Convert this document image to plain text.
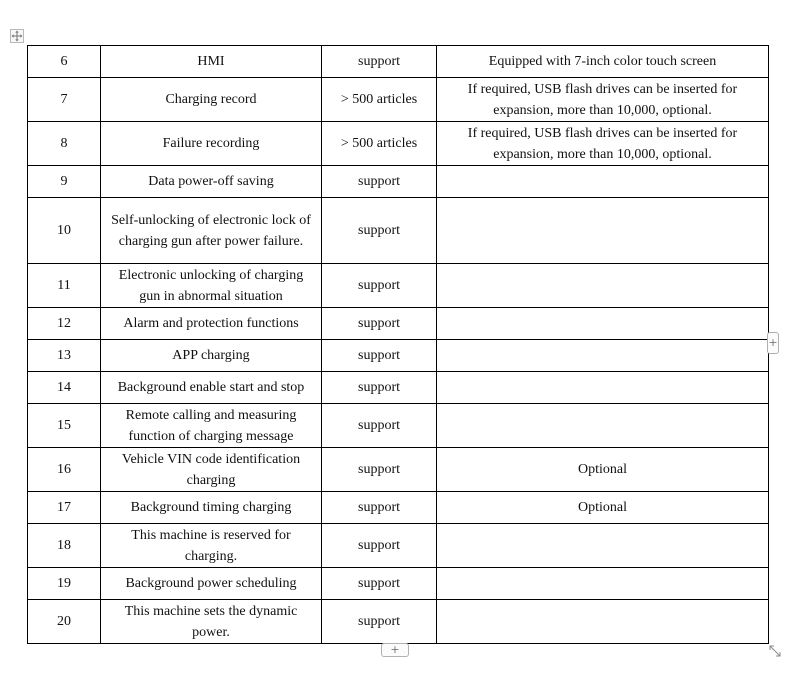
6	HMI	support	Equipped with 7-inch color touch screen
7	Charging record	> 500 articles	If required, USB flash drives can be inserted for expansion, more than 10,000, optional.
8	Failure recording	> 500 articles	If required, USB flash drives can be inserted for expansion, more than 10,000, optional.
9	Data power-off saving	support	
10	Self-unlocking of electronic lock of charging gun after power failure.	support	
11	Electronic unlocking of charging gun in abnormal situation	support	
12	Alarm and protection functions	support	
13	APP charging	support	
14	Background enable start and stop	support	
15	Remote calling and measuring function of charging message	support	
16	Vehicle VIN code identification charging	support	Optional
17	Background timing charging	support	Optional
18	This machine is reserved for charging.	support	
19	Background power scheduling	support	
20	This machine sets the dynamic power.	support	
+
+
